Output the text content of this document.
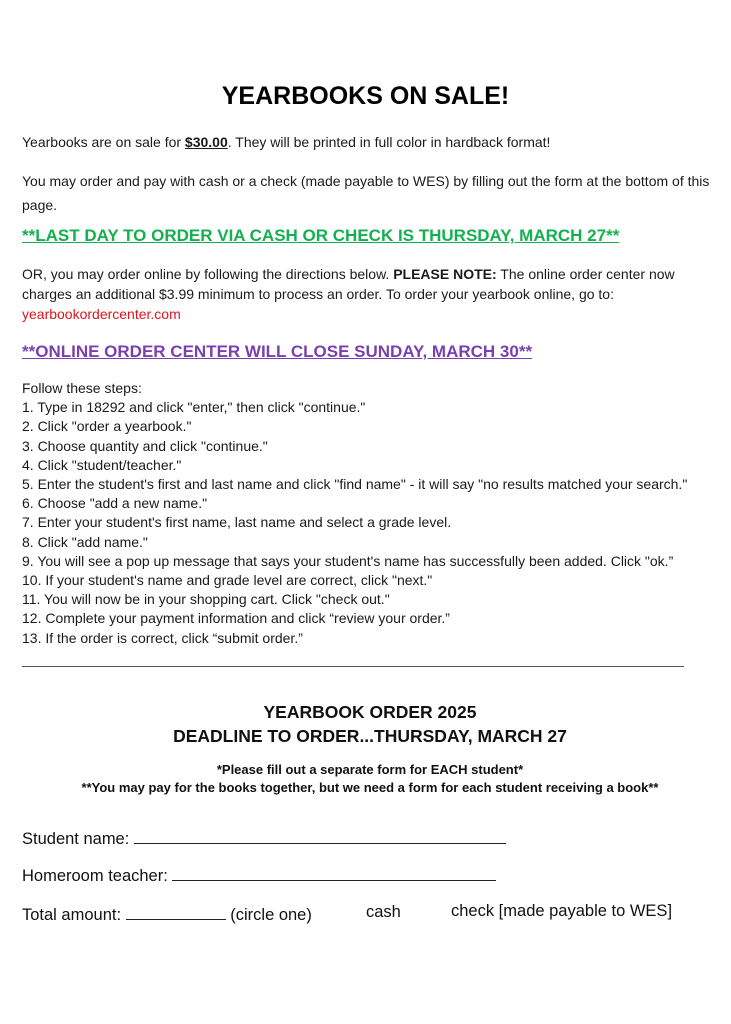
YEARBOOKS ON SALE!

Yearbooks are on sale for $30.00. They will be printed in full color in hardback format!

You may order and pay with cash or a check (made payable to WES) by filling out the form at the bottom of this page.

**LAST DAY TO ORDER VIA CASH OR CHECK IS THURSDAY, MARCH 27**

OR, you may order online by following the directions below. PLEASE NOTE: The online order center now charges an additional $3.99 minimum to process an order. To order your yearbook online, go to:
yearbookordercenter.com

**ONLINE ORDER CENTER WILL CLOSE SUNDAY, MARCH 30**

Follow these steps:
1. Type in 18292 and click "enter," then click "continue."
2. Click "order a yearbook."
3. Choose quantity and click "continue."
4. Click "student/teacher."
5. Enter the student's first and last name and click "find name" - it will say "no results matched your search."
6. Choose "add a new name."
7. Enter your student's first name, last name and select a grade level.
8. Click "add name."
9. You will see a pop up message that says your student's name has successfully been added. Click "ok.”
10. If your student's name and grade level are correct, click "next."
11. You will now be in your shopping cart. Click "check out."
12. Complete your payment information and click “review your order.”
13. If the order is correct, click “submit order.”

YEARBOOK ORDER 2025

DEADLINE TO ORDER...THURSDAY, MARCH 27

*Please fill out a separate form for EACH student*

**You may pay for the books together, but we need a form for each student receiving a book**

Student name:

Homeroom teacher:

Total amount:	(circle one)	cash	check [made payable to WES]
